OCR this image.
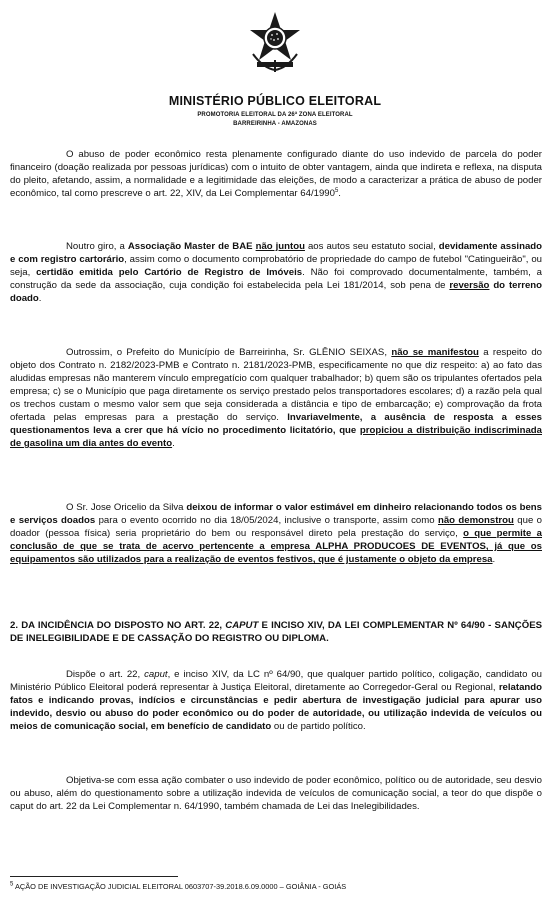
MINISTÉRIO PÚBLICO ELEITORAL
PROMOTORIA ELEITORAL DA 26ª ZONA ELEITORAL
BARREIRINHA - AMAZONAS

O abuso de poder econômico resta plenamente configurado diante do uso indevido de parcela do poder financeiro (doação realizada por pessoas jurídicas) com o intuito de obter vantagem, ainda que indireta e reflexa, na disputa do pleito, afetando, assim, a normalidade e a legitimidade das eleições, de modo a caracterizar a prática de abuso de poder econômico, tal como prescreve o art. 22, XIV, da Lei Complementar 64/1990$^5$.

Noutro giro, a Associação Master de BAE não juntou aos autos seu estatuto social, devidamente assinado e com registro cartorário, assim como o documento comprobatório de propriedade do campo de futebol "Catingueirão", ou seja, certidão emitida pelo Cartório de Registro de Imóveis. Não foi comprovado documentalmente, também, a construção da sede da associação, cuja condição foi estabelecida pela Lei 181/2014, sob pena de reversão do terreno doado.

Outrossim, o Prefeito do Município de Barreirinha, Sr. GLÊNIO SEIXAS, não se manifestou a respeito do objeto dos Contrato n. 2182/2023-PMB e Contrato n. 2181/2023-PMB, especificamente no que diz respeito: a) ao fato das aludidas empresas não manterem vínculo empregatício com qualquer trabalhador; b) quem são os tripulantes ofertados pela empresa; c) se o Município que paga diretamente os serviço prestado pelos transportadores escolares; d) a razão pela qual os trechos custam o mesmo valor sem que seja considerada a distância e tipo de embarcação; e) comprovação da frota ofertada pelas empresas para a prestação do serviço. Invariavelmente, a ausência de resposta a esses questionamentos leva a crer que há vício no procedimento licitatório, que propiciou a distribuição indiscriminada de gasolina um dia antes do evento.

O Sr. Jose Oricelio da Silva deixou de informar o valor estimável em dinheiro relacionando todos os bens e serviços doados para o evento ocorrido no dia 18/05/2024, inclusive o transporte, assim como não demonstrou que o doador (pessoa física) seria proprietário do bem ou responsável direto pela prestação do serviço, o que permite a conclusão de que se trata de acervo pertencente a empresa ALPHA PRODUCOES DE EVENTOS, já que os equipamentos são utilizados para a realização de eventos festivos, que é justamente o objeto da empresa.

2. DA INCIDÊNCIA DO DISPOSTO NO ART. 22, CAPUT E INCISO XIV, DA LEI COMPLEMENTAR Nº 64/90 - SANÇÕES DE INELEGIBILIDADE E DE CASSAÇÃO DO REGISTRO OU DIPLOMA.

Dispõe o art. 22, caput, e inciso XIV, da LC nº 64/90, que qualquer partido político, coligação, candidato ou Ministério Público Eleitoral poderá representar à Justiça Eleitoral, diretamente ao Corregedor-Geral ou Regional, relatando fatos e indicando provas, indícios e circunstâncias e pedir abertura de investigação judicial para apurar uso indevido, desvio ou abuso do poder econômico ou do poder de autoridade, ou utilização indevida de veículos ou meios de comunicação social, em benefício de candidato ou de partido político.

Objetiva-se com essa ação combater o uso indevido de poder econômico, político ou de autoridade, seu desvio ou abuso, além do questionamento sobre a utilização indevida de veículos de comunicação social, a teor do que dispõe o caput do art. 22 da Lei Complementar n. 64/1990, também chamada de Lei das Inelegibilidades.

$^5$ AÇÃO DE INVESTIGAÇÃO JUDICIAL ELEITORAL 0603707-39.2018.6.09.0000 – GOIÂNIA - GOIÁS
